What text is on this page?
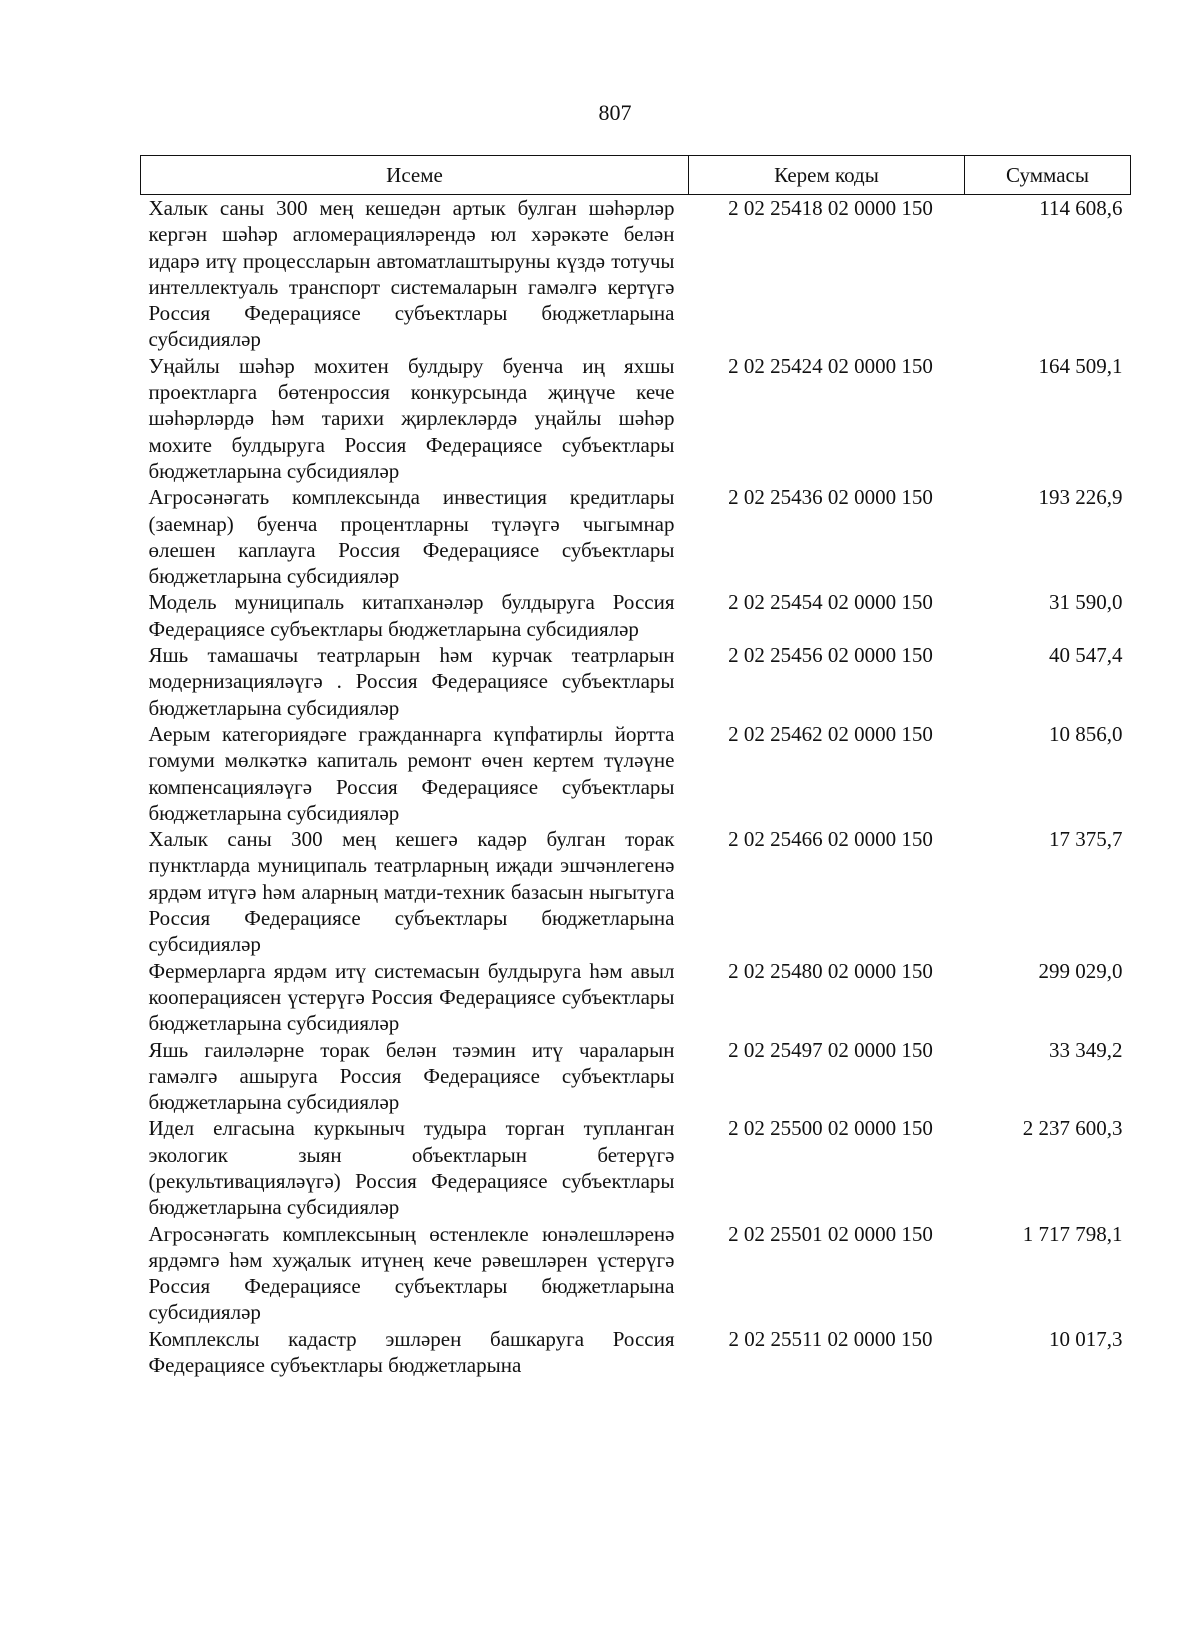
807
Исеме	Керем коды	Суммасы
Халык саны 300 мең кешедән артык булган шәһәрләр кергән шәһәр агломерацияләрендә юл хәрәкәте белән идарә итү процессларын автоматлаштыруны күздә тотучы интеллектуаль транспорт системаларын гамәлгә кертүгә Россия Федерациясе субъектлары бюджетларына субсидияләр	2 02 25418 02 0000 150	114 608,6
Уңайлы шәһәр мохитен булдыру буенча иң яхшы проектларга бөтенроссия конкурсында җиңүче кече шәһәрләрдә һәм тарихи җирлекләрдә уңайлы шәһәр мохите булдыруга Россия Федерациясе субъектлары бюджетларына субсидияләр	2 02 25424 02 0000 150	164 509,1
Агросәнәгать комплексында инвестиция кредитлары (заемнар) буенча процентларны түләүгә чыгымнар өлешен каплауга Россия Федерациясе субъектлары бюджетларына субсидияләр	2 02 25436 02 0000 150	193 226,9
Модель муниципаль китапханәләр булдыруга Россия Федерациясе субъектлары бюджетларына субсидияләр	2 02 25454 02 0000 150	31 590,0
Яшь тамашачы театрларын һәм курчак театрларын модернизацияләүгә . Россия Федерациясе субъектлары бюджетларына субсидияләр	2 02 25456 02 0000 150	40 547,4
Аерым категориядәге гражданнарга күпфатирлы йортта гомуми мөлкәткә капиталь ремонт өчен кертем түләүне компенсацияләүгә Россия Федерациясе субъектлары бюджетларына субсидияләр	2 02 25462 02 0000 150	10 856,0
Халык саны 300 мең кешегә кадәр булган торак пунктларда муниципаль театрларның иҗади эшчәнлегенә ярдәм итүгә һәм аларның матди-техник базасын ныгытуга Россия Федерациясе субъектлары бюджетларына субсидияләр	2 02 25466 02 0000 150	17 375,7
Фермерларга ярдәм итү системасын булдыруга һәм авыл кооперациясен үстерүгә Россия Федерациясе субъектлары бюджетларына субсидияләр	2 02 25480 02 0000 150	299 029,0
Яшь гаиләләрне торак белән тәэмин итү чараларын гамәлгә ашыруга Россия Федерациясе субъектлары бюджетларына субсидияләр	2 02 25497 02 0000 150	33 349,2
Идел елгасына куркыныч тудыра торган тупланган экологик зыян объектларын бетерүгә (рекультивацияләүгә) Россия Федерациясе субъектлары бюджетларына субсидияләр	2 02 25500 02 0000 150	2 237 600,3
Агросәнәгать комплексының өстенлекле юнәлешләренә ярдәмгә һәм хуҗалык итүнең кече рәвешләрен үстерүгә Россия Федерациясе субъектлары бюджетларына субсидияләр	2 02 25501 02 0000 150	1 717 798,1
Комплекслы кадастр эшләрен башкаруга Россия Федерациясе субъектлары бюджетларына	2 02 25511 02 0000 150	10 017,3
